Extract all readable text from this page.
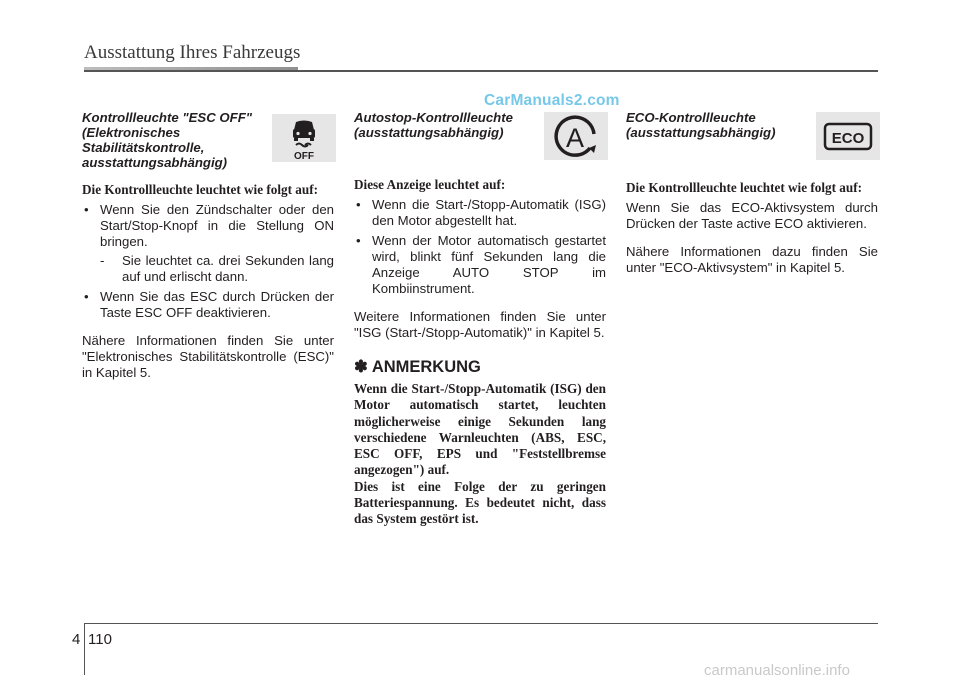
Ausstattung Ihres Fahrzeugs
CarManuals2.com

Kontrollleuchte "ESC OFF" (Elektronisches Stabilitätskontrolle, ausstattungsabhängig)	OFF

Die Kontrollleuchte leuchtet wie folgt auf:

• Wenn Sie den Zündschalter oder den Start/Stop-Knopf in die Stellung ON bringen.
- Sie leuchtet ca. drei Sekunden lang auf und erlischt dann.
• Wenn Sie das ESC durch Drücken der Taste ESC OFF deaktivieren.

Nähere Informationen finden Sie unter "Elektronisches Stabilitätskontrolle (ESC)" in Kapitel 5.

Autostop-Kontrollleuchte (ausstattungsabhängig)	A

Diese Anzeige leuchtet auf:

• Wenn die Start-/Stopp-Automatik (ISG) den Motor abgestellt hat.
• Wenn der Motor automatisch gestartet wird, blinkt fünf Sekunden lang die Anzeige AUTO STOP im Kombiinstrument.

Weitere Informationen finden Sie unter "ISG (Start-/Stopp-Automatik)" in Kapitel 5.

✽ ANMERKUNG

Wenn die Start-/Stopp-Automatik (ISG) den Motor automatisch startet, leuchten möglicherweise einige Sekunden lang verschiedene Warnleuchten (ABS, ESC, ESC OFF, EPS und "Feststellbremse angezogen") auf.

Dies ist eine Folge der zu geringen Batteriespannung. Es bedeutet nicht, dass das System gestört ist.

ECO-Kontrollleuchte (ausstattungsabhängig)	ECO

Die Kontrollleuchte leuchtet wie folgt auf:

Wenn Sie das ECO-Aktivsystem durch Drücken der Taste active ECO aktivieren.

Nähere Informationen dazu finden Sie unter "ECO-Aktivsystem" in Kapitel 5.

4 110
carmanualsonline.info
